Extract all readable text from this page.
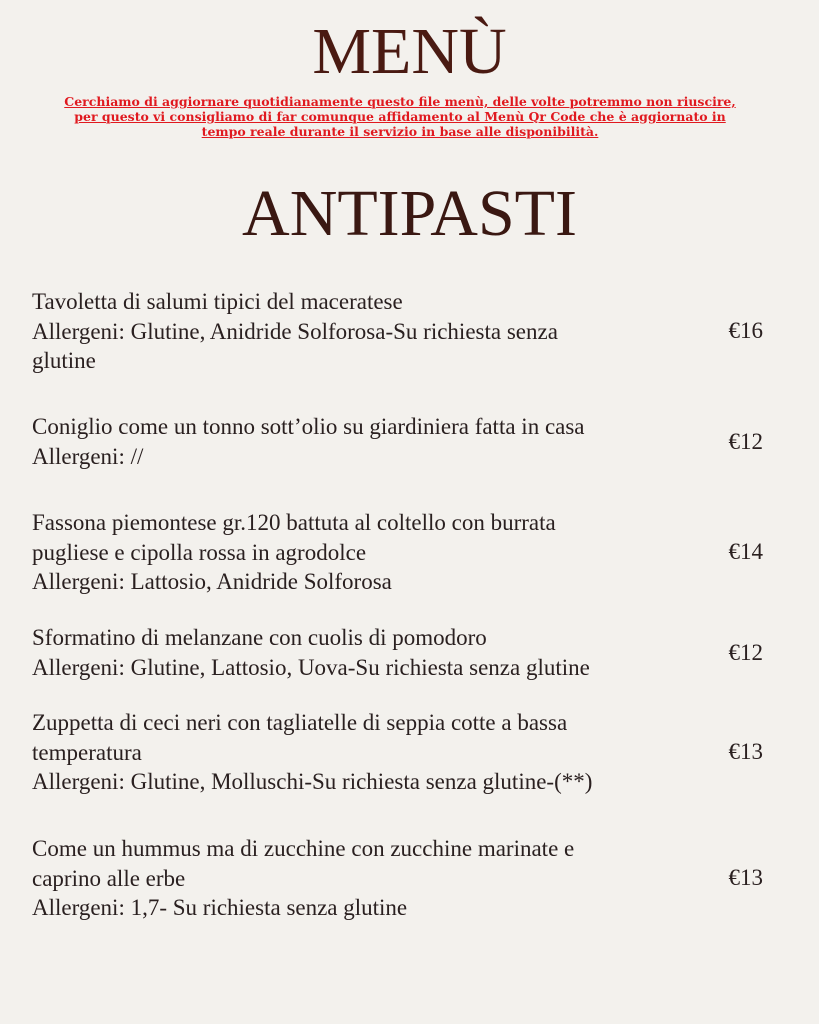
MENÙ
Cerchiamo di aggiornare quotidianamente questo file menù, delle volte potremmo non riuscire, per questo vi consigliamo di far comunque affidamento al Menù Qr Code che è aggiornato in tempo reale durante il servizio in base alle disponibilità.
ANTIPASTI
Tavoletta di salumi tipici del maceratese
Allergeni: Glutine, Anidride Solforosa-Su richiesta senza
glutine
€16
Coniglio come un tonno sott’olio su giardiniera fatta in casa
Allergeni: //
€12
Fassona piemontese gr.120 battuta al coltello con burrata
pugliese e cipolla rossa in agrodolce
Allergeni: Lattosio, Anidride Solforosa
€14
Sformatino di melanzane con cuolis di pomodoro
Allergeni: Glutine, Lattosio, Uova-Su richiesta senza glutine
€12
Zuppetta di ceci neri con tagliatelle di seppia cotte a bassa
temperatura
Allergeni: Glutine, Molluschi-Su richiesta senza glutine-(**)
€13
Come un hummus ma di zucchine con zucchine marinate e
caprino alle erbe
Allergeni: 1,7- Su richiesta senza glutine
€13
